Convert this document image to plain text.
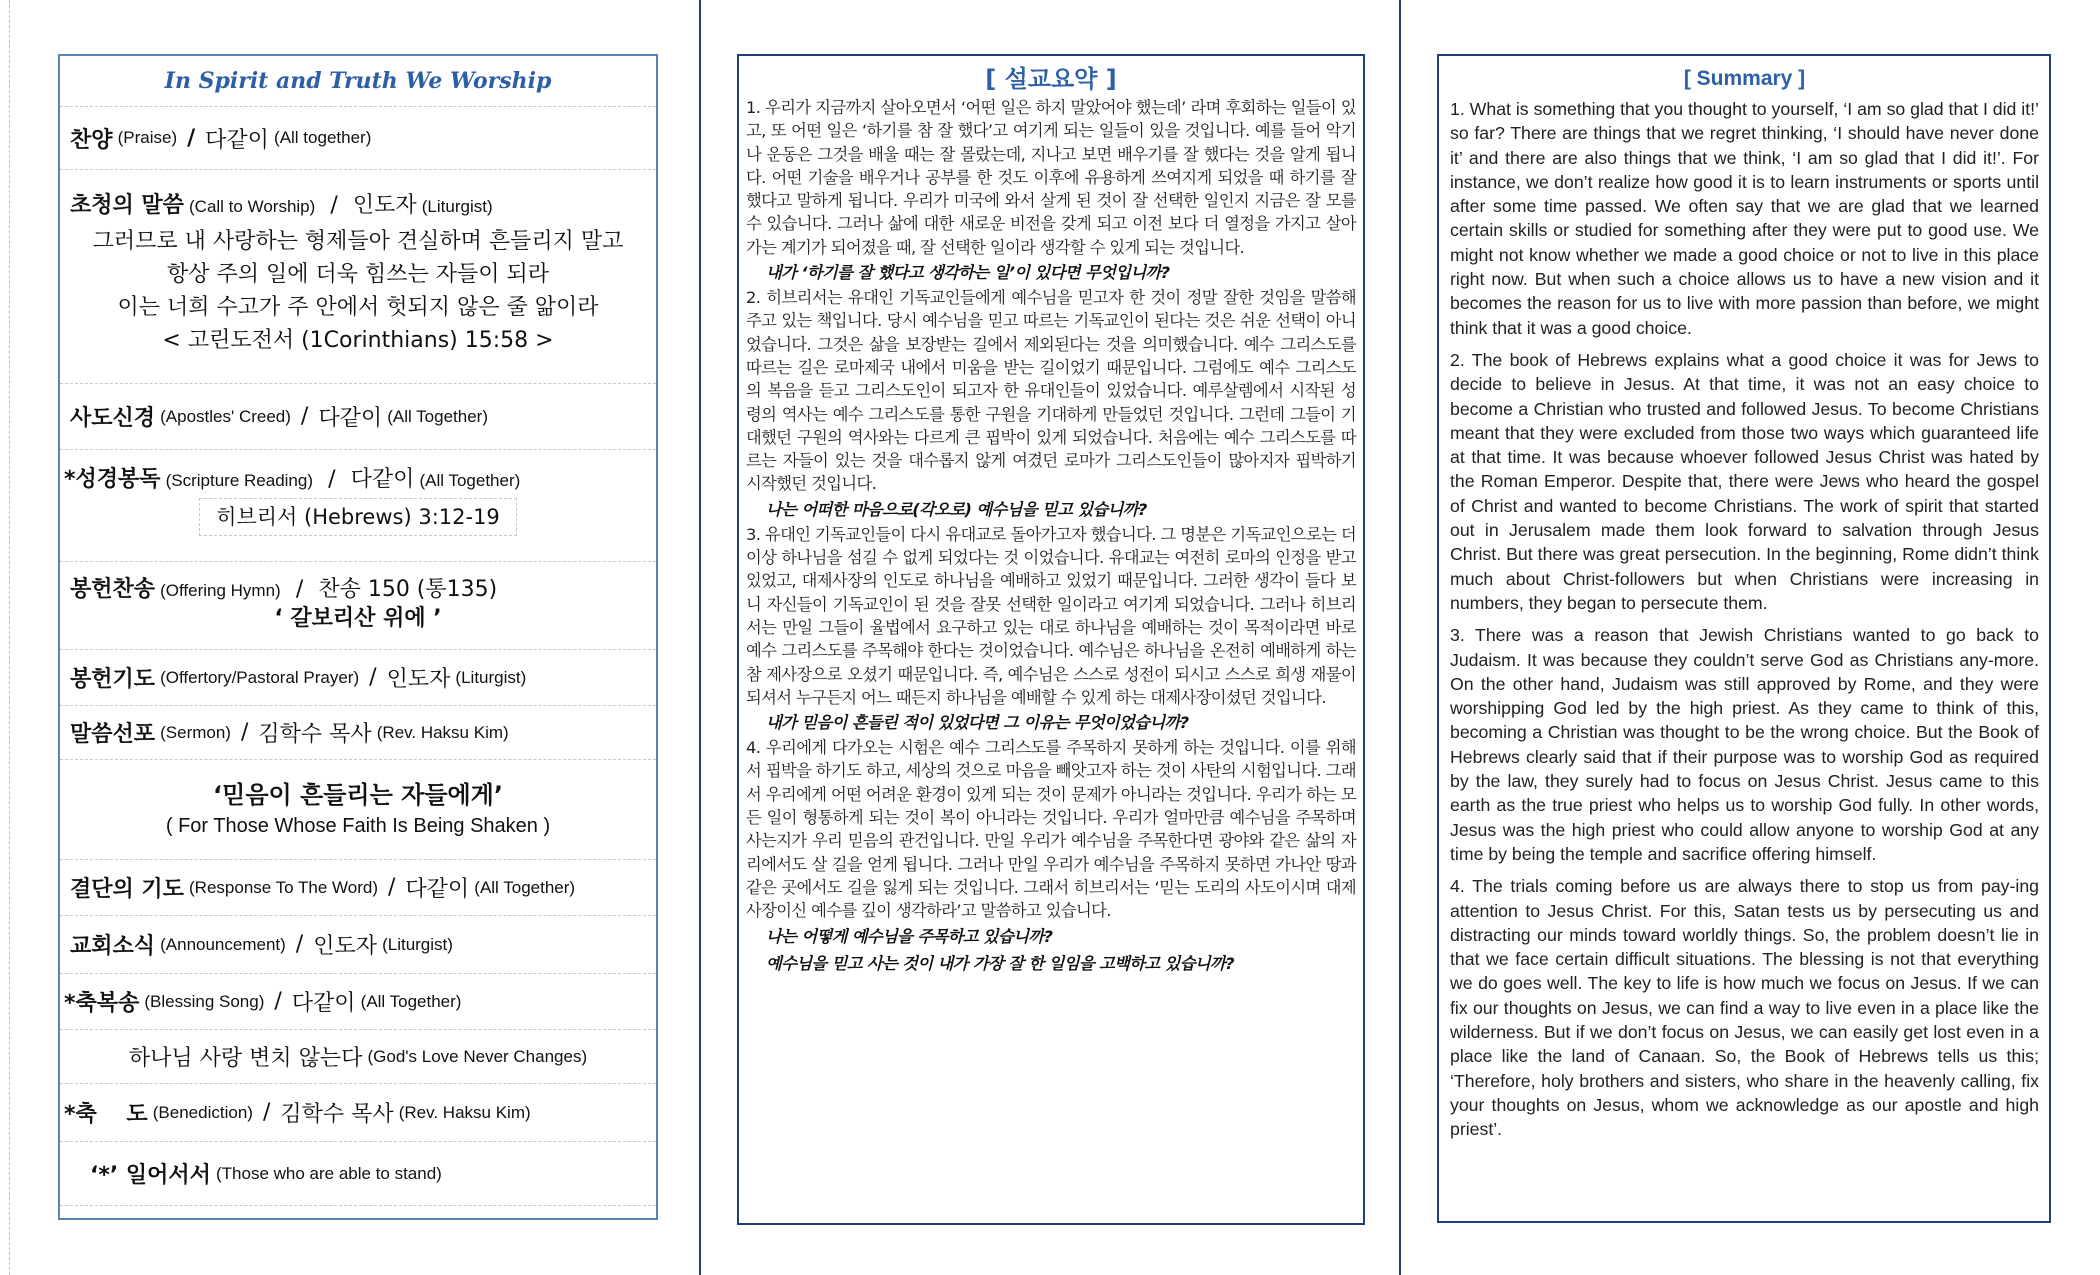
In Spirit and Truth We Worship
찬양
(Praise) / 다같이
(All together)
초청의 말씀 (Call to Worship) / 인도자 (Liturgist)
그러므로 내 사랑하는 형제들아 견실하며 흔들리지 말고
항상 주의 일에 더욱 힘쓰는 자들이 되라
이는 너희 수고가 주 안에서 헛되지 않은 줄 앎이라
< 고린도전서 (1Corinthians) 15:58 >
사도신경
(Apostles' Creed) / 다같이
(All Together)
*성경봉독 (Scripture Reading) / 다같이 (All Together)
히브리서 (Hebrews) 3:12-19
봉헌찬송 (Offering Hymn) / 찬송 150 (통135)
‘ 갈보리산 위에 ’
봉헌기도
(Offertory/Pastoral Prayer) / 인도자
(Liturgist)
말씀선포
(Sermon) / 김학수 목사
(Rev. Haksu Kim)
‘믿음이 흔들리는 자들에게’
( For Those Whose Faith Is Being Shaken )
결단의 기도
(Response To The Word) / 다같이
(All Together)
교회소식
(Announcement) / 인도자
(Liturgist)
*축복송
(Blessing Song) / 다같이
(All Together)
하나님 사랑 변치 않는다
(God's Love Never Changes)
*축　 도
(Benediction) / 김학수 목사
(Rev. Haksu Kim)
‘*’ 일어서서
(Those who are able to stand)
[ 설교요약 ]

1. 우리가 지금까지 살아오면서 ‘어떤 일은 하지 말았어야 했는데’ 라며 후회하는 일들이 있고, 또 어떤 일은 ‘하기를 참 잘 했다’고 여기게 되는 일들이 있을 것입니다. 예를 들어 악기나 운동은 그것을 배울 때는 잘 몰랐는데, 지나고 보면 배우기를 잘 했다는 것을 알게 됩니다. 어떤 기술을 배우거나 공부를 한 것도 이후에 유용하게 쓰여지게 되었을 때 하기를 잘 했다고 말하게 됩니다. 우리가 미국에 와서 살게 된 것이 잘 선택한 일인지 지금은 잘 모를 수 있습니다. 그러나 삶에 대한 새로운 비전을 갖게 되고 이전 보다 더 열정을 가지고 살아가는 계기가 되어졌을 때, 잘 선택한 일이라 생각할 수 있게 되는 것입니다.

내가 ‘하기를 잘 했다고 생각하는 일’이 있다면 무엇입니까?

2. 히브리서는 유대인 기독교인들에게 예수님을 믿고자 한 것이 정말 잘한 것임을 말씀해 주고 있는 책입니다. 당시 예수님을 믿고 따르는 기독교인이 된다는 것은 쉬운 선택이 아니었습니다. 그것은 삶을 보장받는 길에서 제외된다는 것을 의미했습니다. 예수 그리스도를 따르는 길은 로마제국 내에서 미움을 받는 길이었기 때문입니다. 그럼에도 예수 그리스도의 복음을 듣고 그리스도인이 되고자 한 유대인들이 있었습니다. 예루살렘에서 시작된 성령의 역사는 예수 그리스도를 통한 구원을 기대하게 만들었던 것입니다. 그런데 그들이 기대했던 구원의 역사와는 다르게 큰 핍박이 있게 되었습니다. 처음에는 예수 그리스도를 따르는 자들이 있는 것을 대수롭지 않게 여겼던 로마가 그리스도인들이 많아지자 핍박하기 시작했던 것입니다.

나는 어떠한 마음으로(각오로) 예수님을 믿고 있습니까?

3. 유대인 기독교인들이 다시 유대교로 돌아가고자 했습니다. 그 명분은 기독교인으로는 더 이상 하나님을 섬길 수 없게 되었다는 것 이었습니다. 유대교는 여전히 로마의 인정을 받고 있었고, 대제사장의 인도로 하나님을 예배하고 있었기 때문입니다. 그러한 생각이 들다 보니 자신들이 기독교인이 된 것을 잘못 선택한 일이라고 여기게 되었습니다. 그러나 히브리서는 만일 그들이 율법에서 요구하고 있는 대로 하나님을 예배하는 것이 목적이라면 바로 예수 그리스도를 주목해야 한다는 것이었습니다. 예수님은 하나님을 온전히 예배하게 하는 참 제사장으로 오셨기 때문입니다. 즉, 예수님은 스스로 성전이 되시고 스스로 희생 재물이 되셔서 누구든지 어느 때든지 하나님을 예배할 수 있게 하는 대제사장이셨던 것입니다.

내가 믿음이 흔들린 적이 있었다면 그 이유는 무엇이었습니까?

4. 우리에게 다가오는 시험은 예수 그리스도를 주목하지 못하게 하는 것입니다. 이를 위해서 핍박을 하기도 하고, 세상의 것으로 마음을 빼앗고자 하는 것이 사탄의 시험입니다. 그래서 우리에게 어떤 어려운 환경이 있게 되는 것이 문제가 아니라는 것입니다. 우리가 하는 모든 일이 형통하게 되는 것이 복이 아니라는 것입니다. 우리가 얼마만큼 예수님을 주목하며 사는지가 우리 믿음의 관건입니다. 만일 우리가 예수님을 주목한다면 광야와 같은 삶의 자리에서도 살 길을 얻게 됩니다. 그러나 만일 우리가 예수님을 주목하지 못하면 가나안 땅과 같은 곳에서도 길을 잃게 되는 것입니다. 그래서 히브리서는 ‘믿는 도리의 사도이시며 대제사장이신 예수를 깊이 생각하라’고 말씀하고 있습니다.

나는 어떻게 예수님을 주목하고 있습니까?

예수님을 믿고 사는 것이 내가 가장 잘 한 일임을 고백하고 있습니까?

[ Summary ]

1. What is something that you thought to yourself, ‘I am so glad that I did it!’ so far? There are things that we regret thinking, ‘I should have never done it’ and there are also things that we think, ‘I am so glad that I did it!’. For instance, we don’t realize how good it is to learn instruments or sports until after some time passed. We often say that we are glad that we learned certain skills or studied for something after they were put to good use. We might not know whether we made a good choice or not to live in this place right now. But when such a choice allows us to have a new vision and it becomes the reason for us to live with more passion than before, we might think that it was a good choice.

2. The book of Hebrews explains what a good choice it was for Jews to decide to believe in Jesus. At that time, it was not an easy choice to become a Christian who trusted and followed Jesus. To become Christians meant that they were excluded from those two ways which guaranteed life at that time. It was because whoever followed Jesus Christ was hated by the Roman Emperor. Despite that, there were Jews who heard the gospel of Christ and wanted to become Christians. The work of spirit that started out in Jerusalem made them look forward to salvation through Jesus Christ. But there was great persecution. In the beginning, Rome didn’t think much about Christ-followers but when Christians were increasing in numbers, they began to persecute them.

3. There was a reason that Jewish Christians wanted to go back to Judaism. It was because they couldn’t serve God as Christians any-more. On the other hand, Judaism was still approved by Rome, and they were worshipping God led by the high priest. As they came to think of this, becoming a Christian was thought to be the wrong choice. But the Book of Hebrews clearly said that if their purpose was to worship God as required by the law, they surely had to focus on Jesus Christ. Jesus came to this earth as the true priest who helps us to worship God fully. In other words, Jesus was the high priest who could allow anyone to worship God at any time by being the temple and sacrifice offering himself.

4. The trials coming before us are always there to stop us from pay-ing attention to Jesus Christ. For this, Satan tests us by persecuting us and distracting our minds toward worldly things. So, the problem doesn’t lie in that we face certain difficult situations. The blessing is not that everything we do goes well. The key to life is how much we focus on Jesus. If we can fix our thoughts on Jesus, we can find a way to live even in a place like the wilderness. But if we don’t focus on Jesus, we can easily get lost even in a place like the land of Canaan. So, the Book of Hebrews tells us this; ‘Therefore, holy brothers and sisters, who share in the heavenly calling, fix your thoughts on Jesus, whom we acknowledge as our apostle and high priest’.
